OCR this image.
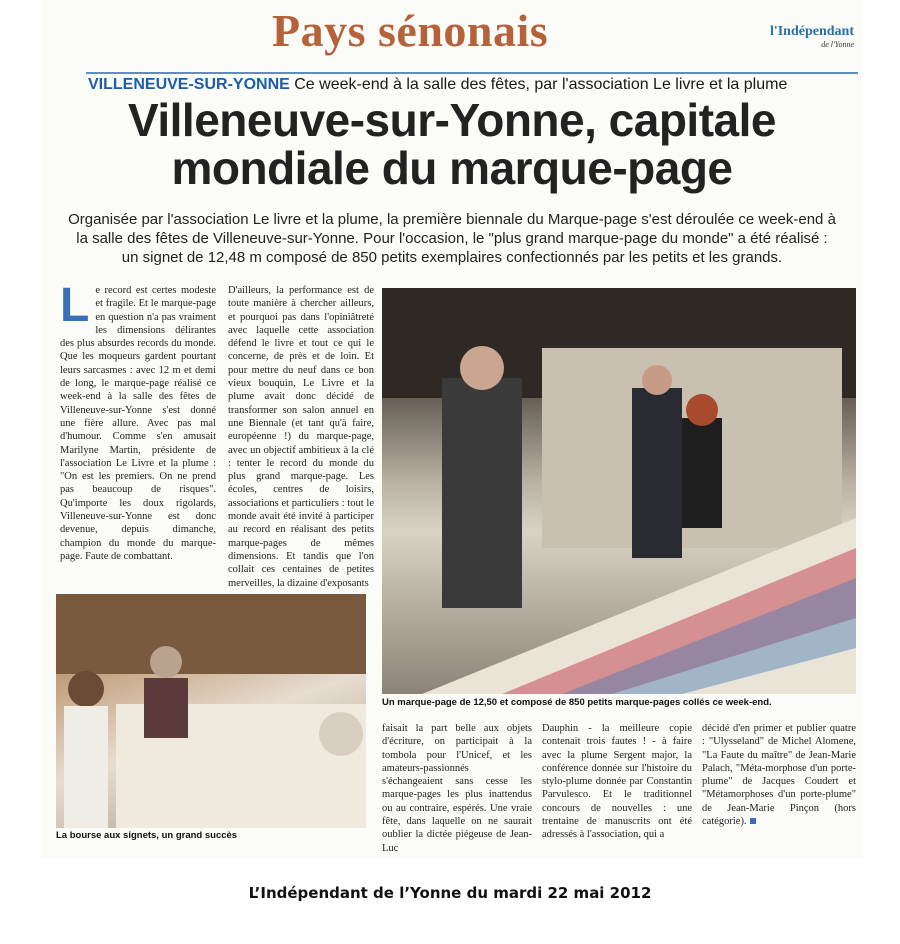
Pays sénonais	l'Indépendant
de l'Yonne
VILLENEUVE-SUR-YONNE Ce week-end à la salle des fêtes, par l'association Le livre et la plume
Villeneuve-sur-Yonne, capitale
mondiale du marque-page
Organisée par l'association Le livre et la plume, la première biennale du Marque-page s'est déroulée ce week-end à
la salle des fêtes de Villeneuve-sur-Yonne. Pour l'occasion, le "plus grand marque-page du monde" a été réalisé :
un signet de 12,48 m composé de 850 petits exemplaires confectionnés par les petits et les grands.
Le record est certes modeste et fragile. Et le marque-page en question n'a pas vraiment les dimensions délirantes des plus absurdes records du monde. Que les moqueurs gardent pourtant leurs sarcasmes : avec 12 m et demi de long, le marque-page réalisé ce week-end à la salle des fêtes de Villeneuve-sur-Yonne s'est donné une fière allure. Avec pas mal d'humour. Comme s'en amusait Marilyne Martin, présidente de l'association Le Livre et la plume : "On est les premiers. On ne prend pas beaucoup de risques". Qu'importe les doux rigolards, Villeneuve-sur-Yonne est donc devenue, depuis dimanche, champion du monde du marque-page. Faute de combattant.
D'ailleurs, la performance est de toute manière à chercher ailleurs, et pourquoi pas dans l'opiniâtreté avec laquelle cette association défend le livre et tout ce qui le concerne, de près et de loin. Et pour mettre du neuf dans ce bon vieux bouquin, Le Livre et la plume avait donc décidé de transformer son salon annuel en une Biennale (et tant qu'à faire, européenne !) du marque-page, avec un objectif ambitieux à la clé : tenter le record du monde du plus grand marque-page. Les écoles, centres de loisirs, associations et particuliers : tout le monde avait été invité à participer au record en réalisant des petits marque-pages de mêmes dimensions. Et tandis que l'on collait ces centaines de petites merveilles, la dizaine d'exposants
Un marque-page de 12,50 et composé de 850 petits marque-pages collés ce week-end.
La bourse aux signets, un grand succès
faisait la part belle aux objets d'écriture, on participait à la tombola pour l'Unicef, et les amateurs-passionnés s'échangeaient sans cesse les marque-pages les plus inattendus ou au contraire, espérés. Une vraie fête, dans laquelle on ne saurait oublier la dictée piégeuse de Jean-Luc
Dauphin - la meilleure copie contenait trois fautes ! - à faire avec la plume Sergent major, la conférence donnée sur l'histoire du stylo-plume donnée par Constantin Parvulesco. Et le traditionnel concours de nouvelles : une trentaine de manuscrits ont été adressés à l'association, qui a
décidé d'en primer et publier quatre : "Ulysseland" de Michel Alomene, "La Faute du maître" de Jean-Marie Palach, "Méta-morphose d'un porte-plume" de Jacques Coudert et "Métamorphoses d'un porte-plume" de Jean-Marie Pinçon (hors catégorie).
L’Indépendant de l’Yonne du mardi 22 mai 2012
